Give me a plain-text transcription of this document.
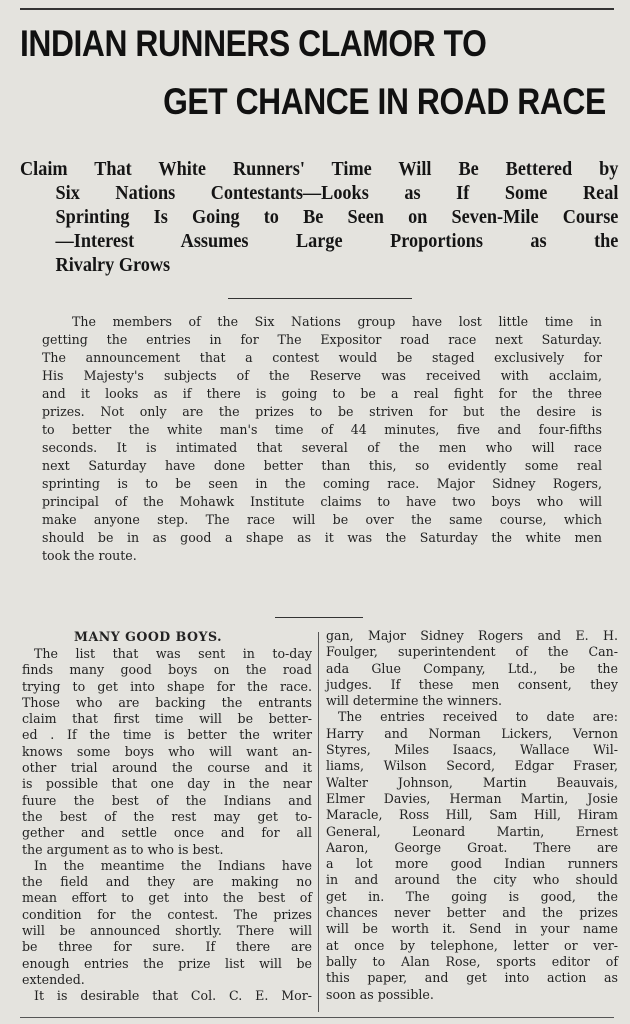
INDIAN RUNNERS CLAMOR TO
GET CHANCE IN ROAD RACE
Claim That White Runners' Time Will Be Bettered by
Six Nations Contestants—Looks as If Some Real
Sprinting Is Going to Be Seen on Seven-Mile Course
—Interest Assumes Large Proportions as the
Rivalry Grows
The members of the Six Nations group have lost little time in
getting the entries in for The Expositor road race next Saturday.
The announcement that a contest would be staged exclusively for
His Majesty's subjects of the Reserve was received with acclaim,
and it looks as if there is going to be a real fight for the three
prizes. Not only are the prizes to be striven for but the desire is
to better the white man's time of 44 minutes, five and four-fifths
seconds. It is intimated that several of the men who will race
next Saturday have done better than this, so evidently some real
sprinting is to be seen in the coming race. Major Sidney Rogers,
principal of the Mohawk Institute claims to have two boys who will
make anyone step. The race will be over the same course, which
should be in as good a shape as it was the Saturday the white men
took the route.
MANY GOOD BOYS.
The list that was sent in to-day
finds many good boys on the road
trying to get into shape for the race.
Those who are backing the entrants
claim that first time will be better-
ed . If the time is better the writer
knows some boys who will want an-
other trial around the course and it
is possible that one day in the near
fuure the best of the Indians and
the best of the rest may get to-
gether and settle once and for all
the argument as to who is best.
In the meantime the Indians have
the field and they are making no
mean effort to get into the best of
condition for the contest. The prizes
will be announced shortly. There will
be three for sure. If there are
enough entries the prize list will be
extended.
It is desirable that Col. C. E. Mor-
gan, Major Sidney Rogers and E. H.
Foulger, superintendent of the Can-
ada Glue Company, Ltd., be the
judges. If these men consent, they
will determine the winners.
The entries received to date are:
Harry and Norman Lickers, Vernon
Styres, Miles Isaacs, Wallace Wil-
liams, Wilson Secord, Edgar Fraser,
Walter Johnson, Martin Beauvais,
Elmer Davies, Herman Martin, Josie
Maracle, Ross Hill, Sam Hill, Hiram
General, Leonard Martin, Ernest
Aaron, George Groat. There are
a lot more good Indian runners
in and around the city who should
get in. The going is good, the
chances never better and the prizes
will be worth it. Send in your name
at once by telephone, letter or ver-
bally to Alan Rose, sports editor of
this paper, and get into action as
soon as possible.
